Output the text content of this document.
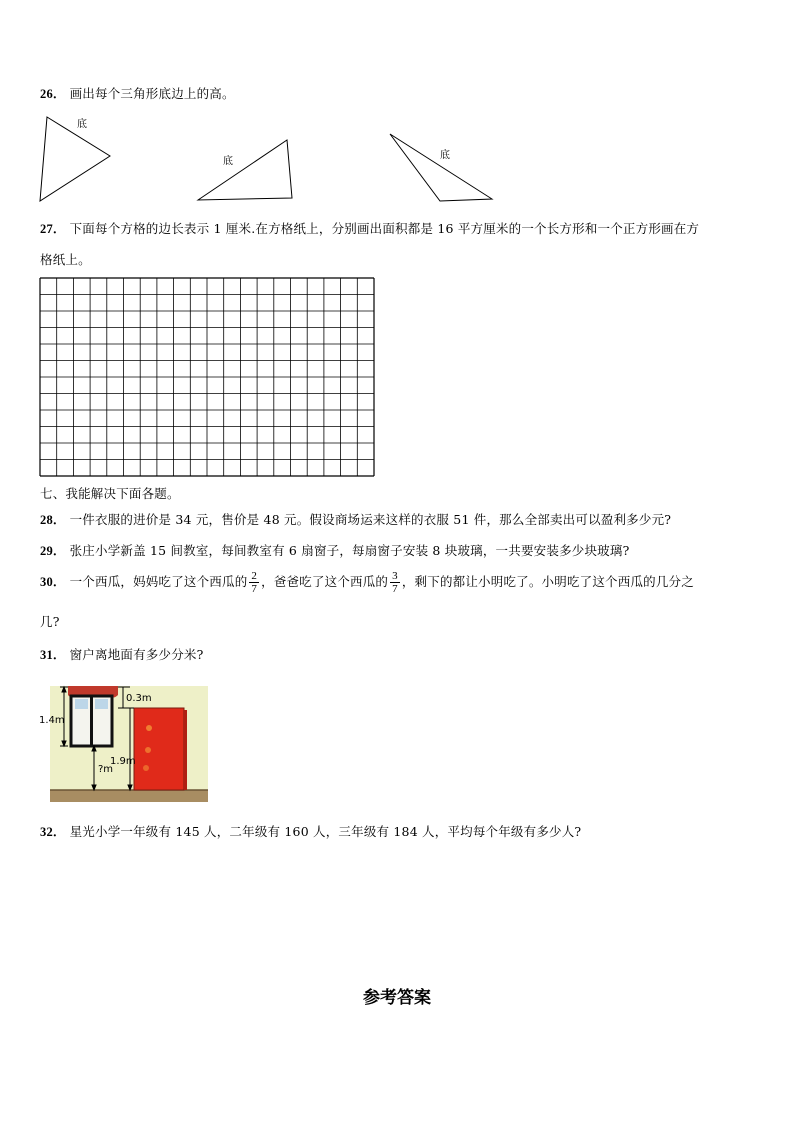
26． 画出每个三角形底边上的高。
底
底
底
27． 下面每个方格的边长表示 1 厘米.在方格纸上，分别画出面积都是 16 平方厘米的一个长方形和一个正方形画在方
格纸上。
七、我能解决下面各题。
28． 一件衣服的进价是 34 元，售价是 48 元。假设商场运来这样的衣服 51 件，那么全部卖出可以盈利多少元?
29． 张庄小学新盖 15 间教室，每间教室有 6 扇窗子，每扇窗子安装 8 块玻璃，一共要安装多少块玻璃?
30． 一个西瓜，妈妈吃了这个西瓜的 $\frac{2}{7}$ ，爸爸吃了这个西瓜的 $\frac{3}{7}$ ，剩下的都让小明吃了。小明吃了这个西瓜的几分之
几?
31． 窗户离地面有多少分米?
1.4m
0.3m
1.9m
?m
32． 星光小学一年级有 145 人，二年级有 160 人，三年级有 184 人，平均每个年级有多少人?
参考答案
